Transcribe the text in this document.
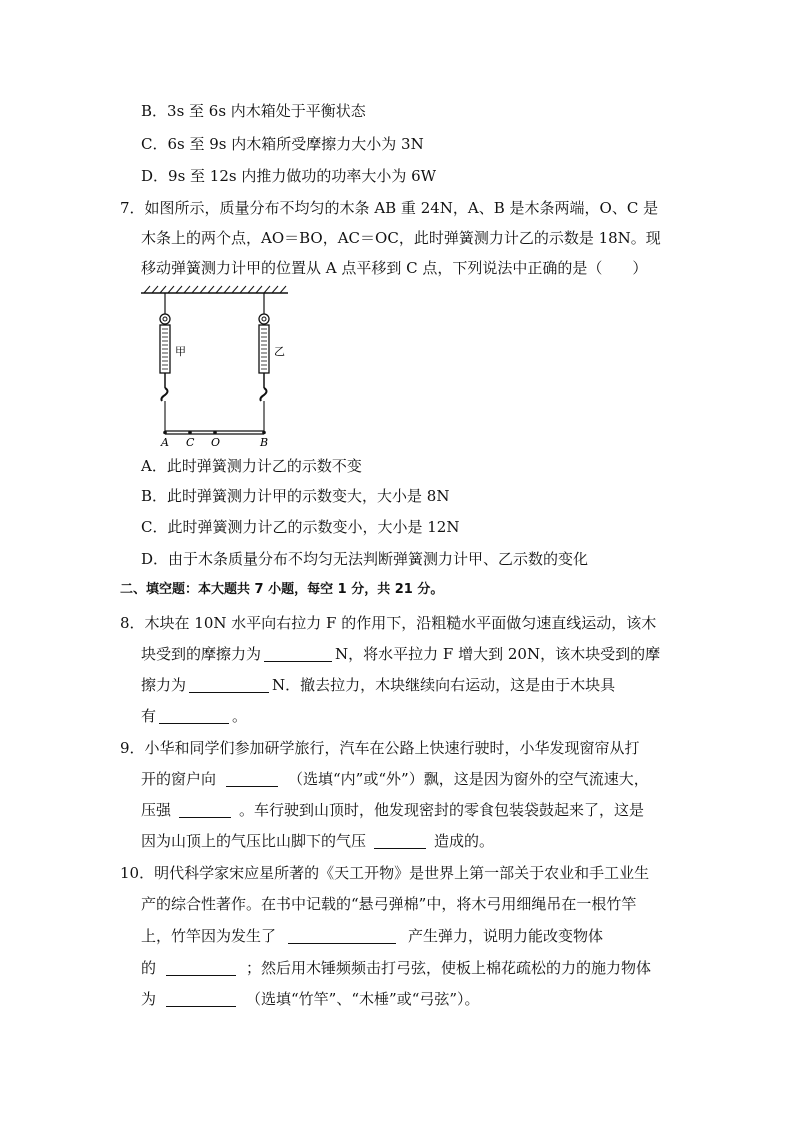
B．3s 至 6s 内木箱处于平衡状态
C．6s 至 9s 内木箱所受摩擦力大小为 3N
D．9s 至 12s 内推力做功的功率大小为 6W
7．如图所示，质量分布不均匀的木条 AB 重 24N，A、B 是木条两端，O、C 是
木条上的两个点，AO＝BO，AC＝OC，此时弹簧测力计乙的示数是 18N。现
移动弹簧测力计甲的位置从 A 点平移到 C 点，下列说法中正确的是（　　）
甲	乙
A C O	B
A．此时弹簧测力计乙的示数不变
B．此时弹簧测力计甲的示数变大，大小是 8N
C．此时弹簧测力计乙的示数变小，大小是 12N
D．由于木条质量分布不均匀无法判断弹簧测力计甲、乙示数的变化
二、填空题：本大题共 7 小题，每空 1 分，共 21 分。
8．木块在 10N 水平向右拉力 F 的作用下，沿粗糙水平面做匀速直线运动，该木
块受到的摩擦力为	N，将水平拉力 F 增大到 20N，该木块受到的摩
擦力为	N．撤去拉力，木块继续向右运动，这是由于木块具
有	。
9．小华和同学们参加研学旅行，汽车在公路上快速行驶时，小华发现窗帘从打
开的窗户向	（选填“内”或“外”）飘，这是因为窗外的空气流速大，
压强	。车行驶到山顶时，他发现密封的零食包装袋鼓起来了，这是
因为山顶上的气压比山脚下的气压	造成的。
10．明代科学家宋应星所著的《天工开物》是世界上第一部关于农业和手工业生
产的综合性著作。在书中记载的“悬弓弹棉”中，将木弓用细绳吊在一根竹竿
上，竹竿因为发生了	产生弹力，说明力能改变物体
的	；然后用木锤频频击打弓弦，使板上棉花疏松的力的施力物体
为	（选填“竹竿”、“木棰”或“弓弦”）。
